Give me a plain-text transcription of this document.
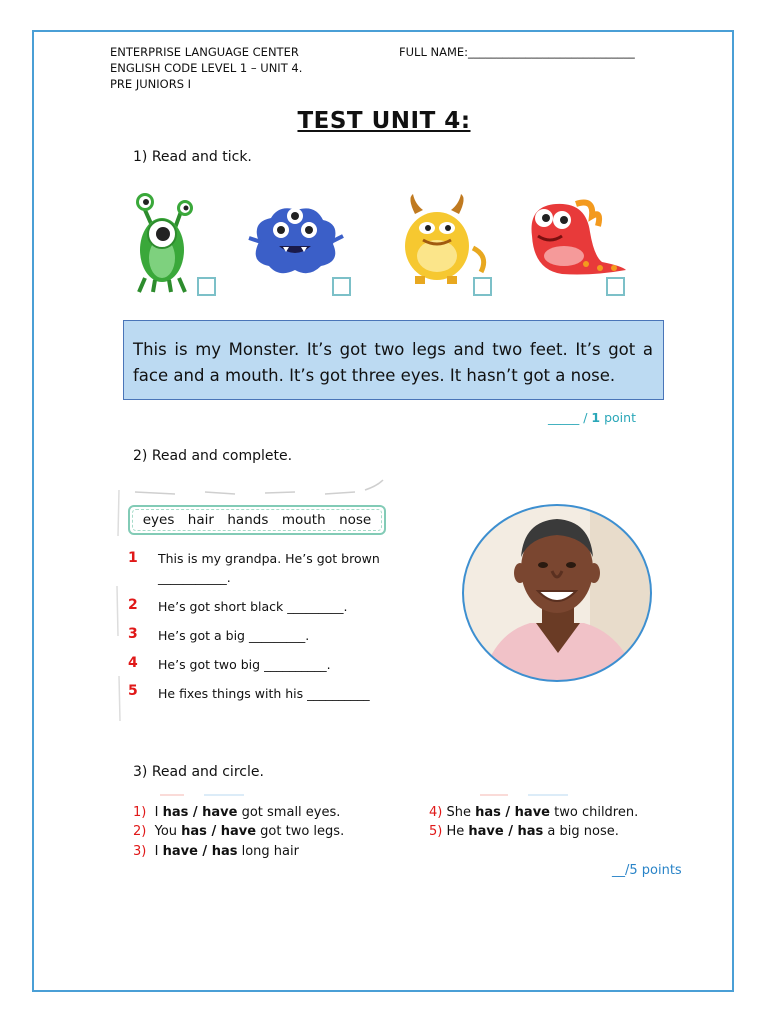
ENTERPRISE LANGUAGE CENTER
ENGLISH CODE LEVEL 1 – UNIT 4.
PRE JUNIORS I
FULL NAME:_____________________________
TEST UNIT 4:
1) Read and tick.
This is my Monster. It’s got two legs and two feet. It’s got a face and a mouth. It’s got three eyes. It hasn’t got a nose.
_____ / 1 point
2) Read and complete.
eyes hair hands mouth nose
1 This is my grandpa. He’s got brown
___________.
2 He’s got short black _________.
3 He’s got a big _________.
4 He’s got two big __________.
5 He fixes things with his __________
3) Read and circle.
1) I has / have got small eyes.
2) You has / have got two legs.
3) I have / has long hair
4) She has / have two children.
5) He have / has a big nose.
__/5 points
